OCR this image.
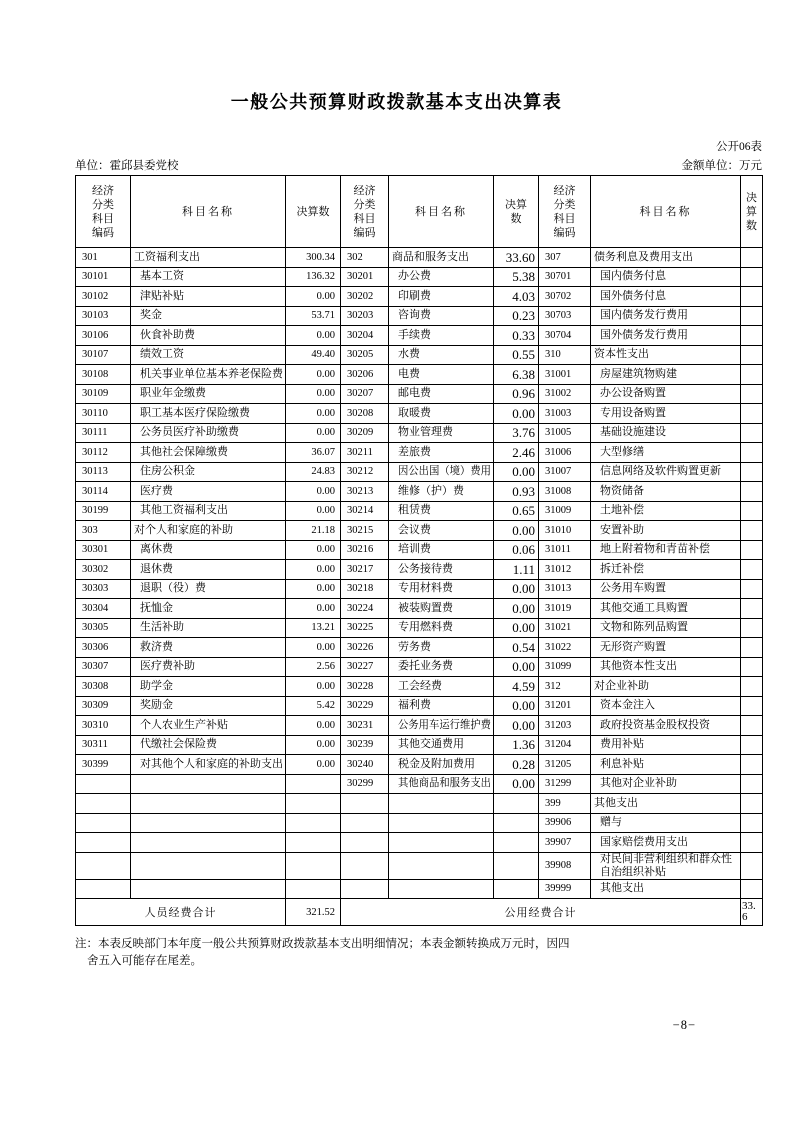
一般公共预算财政拨款基本支出决算表
公开06表
单位：霍邱县委党校	金额单位：万元
经济分类科目编码	科目名称	决算数	经济分类科目编码	科目名称	决算数	经济分类科目编码	科目名称	决算数
301	工资福利支出	300.34	302	商品和服务支出	33.60	307	债务利息及费用支出	
30101	基本工资	136.32	30201	办公费	5.38	30701	国内债务付息	
30102	津贴补贴	0.00	30202	印刷费	4.03	30702	国外债务付息	
30103	奖金	53.71	30203	咨询费	0.23	30703	国内债务发行费用	
30106	伙食补助费	0.00	30204	手续费	0.33	30704	国外债务发行费用	
30107	绩效工资	49.40	30205	水费	0.55	310	资本性支出	
30108	机关事业单位基本养老保险费	0.00	30206	电费	6.38	31001	房屋建筑物购建	
30109	职业年金缴费	0.00	30207	邮电费	0.96	31002	办公设备购置	
30110	职工基本医疗保险缴费	0.00	30208	取暖费	0.00	31003	专用设备购置	
30111	公务员医疗补助缴费	0.00	30209	物业管理费	3.76	31005	基础设施建设	
30112	其他社会保障缴费	36.07	30211	差旅费	2.46	31006	大型修缮	
30113	住房公积金	24.83	30212	因公出国（境）费用	0.00	31007	信息网络及软件购置更新	
30114	医疗费	0.00	30213	维修（护）费	0.93	31008	物资储备	
30199	其他工资福利支出	0.00	30214	租赁费	0.65	31009	土地补偿	
303	对个人和家庭的补助	21.18	30215	会议费	0.00	31010	安置补助	
30301	离休费	0.00	30216	培训费	0.06	31011	地上附着物和青苗补偿	
30302	退休费	0.00	30217	公务接待费	1.11	31012	拆迁补偿	
30303	退职（役）费	0.00	30218	专用材料费	0.00	31013	公务用车购置	
30304	抚恤金	0.00	30224	被装购置费	0.00	31019	其他交通工具购置	
30305	生活补助	13.21	30225	专用燃料费	0.00	31021	文物和陈列品购置	
30306	救济费	0.00	30226	劳务费	0.54	31022	无形资产购置	
30307	医疗费补助	2.56	30227	委托业务费	0.00	31099	其他资本性支出	
30308	助学金	0.00	30228	工会经费	4.59	312	对企业补助	
30309	奖励金	5.42	30229	福利费	0.00	31201	资本金注入	
30310	个人农业生产补贴	0.00	30231	公务用车运行维护费	0.00	31203	政府投资基金股权投资	
30311	代缴社会保险费	0.00	30239	其他交通费用	1.36	31204	费用补贴	
30399	对其他个人和家庭的补助支出	0.00	30240	税金及附加费用	0.28	31205	利息补贴	
			30299	其他商品和服务支出	0.00	31299	其他对企业补助	
						399	其他支出	
						39906	赠与	
						39907	国家赔偿费用支出	
						39908	对民间非营利组织和群众性自治组织补贴	
						39999	其他支出	
人员经费合计		321.52	公用经费合计					33.6
注：本表反映部门本年度一般公共预算财政拨款基本支出明细情况；本表金额转换成万元时，因四
舍五入可能存在尾差。
−8−
